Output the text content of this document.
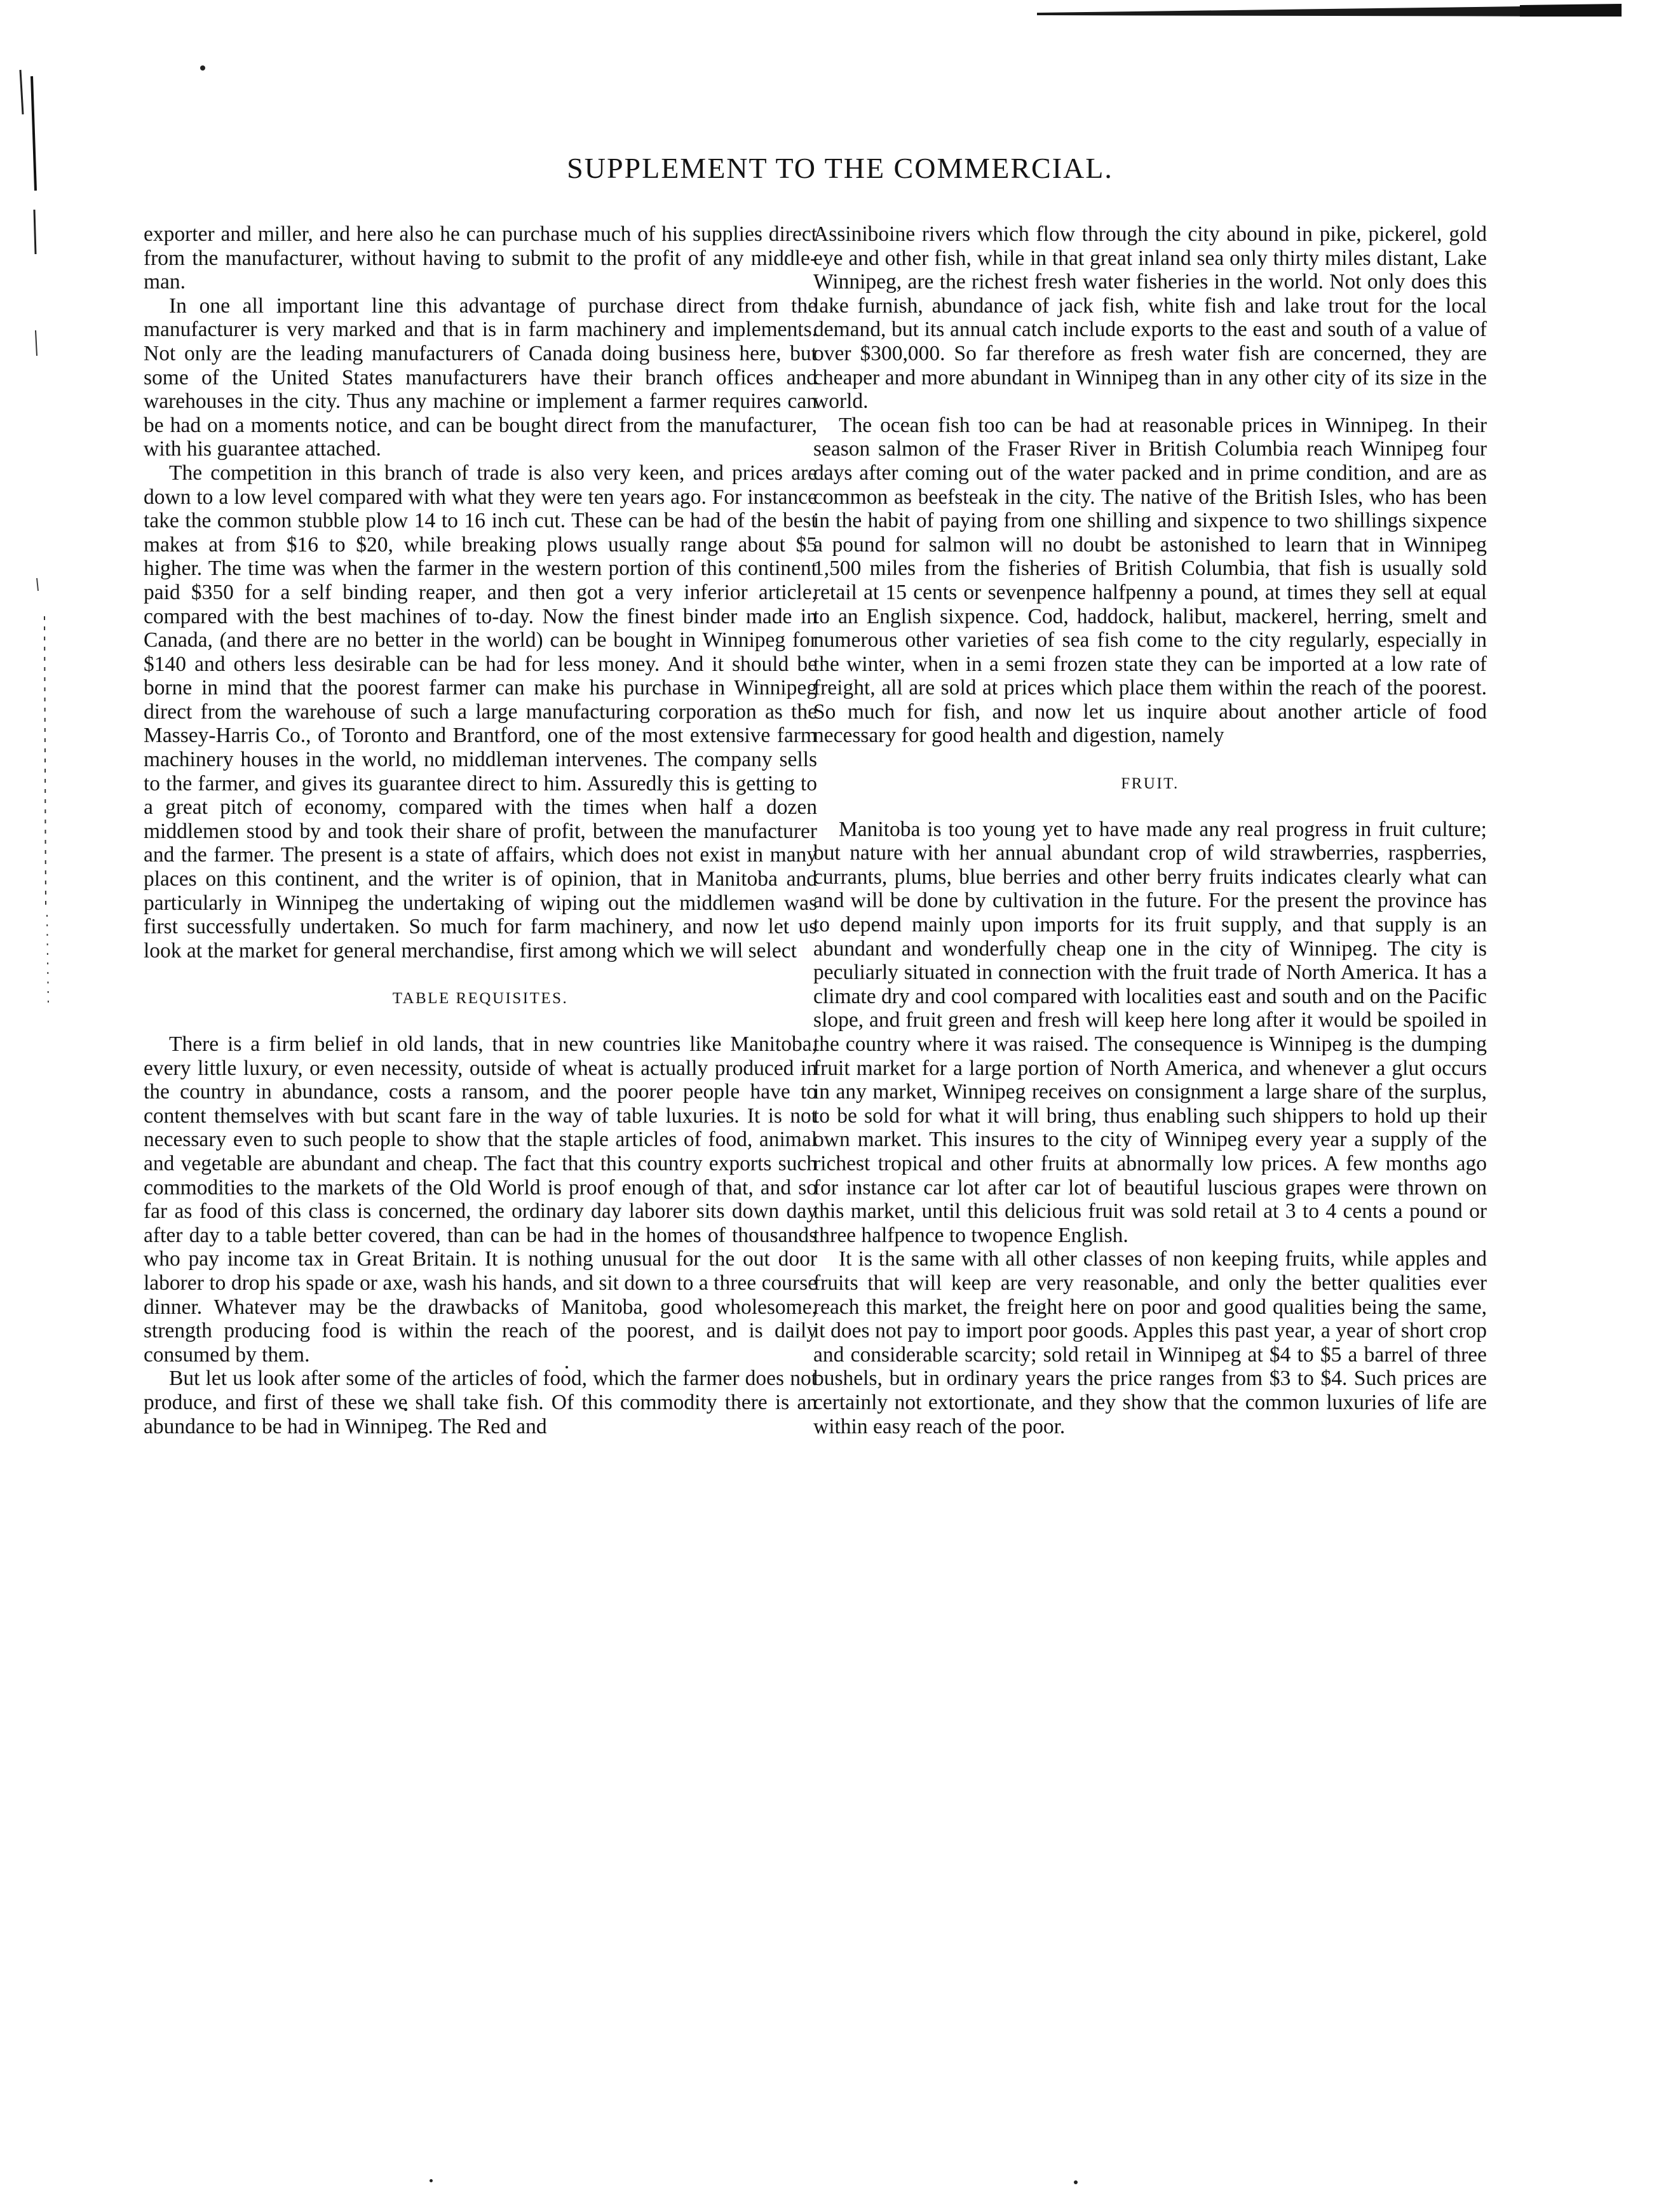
SUPPLEMENT TO THE COMMERCIAL.

exporter and miller, and here also he can purchase much of his supplies direct from the manufacturer, without having to submit to the profit of any middle-man.

In one all important line this advantage of purchase direct from the manufacturer is very marked and that is in farm machinery and implements. Not only are the leading manufacturers of Canada doing business here, but some of the United States manufacturers have their branch offices and warehouses in the city. Thus any machine or implement a farmer requires can be had on a moments notice, and can be bought direct from the manufacturer, with his guarantee attached.

The competition in this branch of trade is also very keen, and prices are down to a low level compared with what they were ten years ago. For instance take the common stubble plow 14 to 16 inch cut. These can be had of the best makes at from $16 to $20, while breaking plows usually range about $5 higher. The time was when the farmer in the western portion of this continent paid $350 for a self binding reaper, and then got a very inferior article, compared with the best machines of to-day. Now the finest binder made in Canada, (and there are no better in the world) can be bought in Winnipeg for $140 and others less desirable can be had for less money. And it should be borne in mind that the poorest farmer can make his purchase in Winnipeg direct from the warehouse of such a large manufacturing corporation as the Massey-Harris Co., of Toronto and Brantford, one of the most extensive farm machinery houses in the world, no middleman intervenes. The company sells to the farmer, and gives its guarantee direct to him. Assuredly this is getting to a great pitch of economy, compared with the times when half a dozen middlemen stood by and took their share of profit, between the manufacturer and the farmer. The present is a state of affairs, which does not exist in many places on this continent, and the writer is of opinion, that in Manitoba and particularly in Winnipeg the undertaking of wiping out the middlemen was first successfully undertaken. So much for farm machinery, and now let us look at the market for general merchandise, first among which we will select

TABLE REQUISITES.

There is a firm belief in old lands, that in new countries like Manitoba, every little luxury, or even necessity, outside of wheat is actually produced in the country in abundance, costs a ransom, and the poorer people have to content themselves with but scant fare in the way of table luxuries. It is not necessary even to such people to show that the staple articles of food, animal and vegetable are abundant and cheap. The fact that this country exports such commodities to the markets of the Old World is proof enough of that, and so far as food of this class is concerned, the ordinary day laborer sits down day after day to a table better covered, than can be had in the homes of thousands who pay income tax in Great Britain. It is nothing unusual for the out door laborer to drop his spade or axe, wash his hands, and sit down to a three course dinner. Whatever may be the drawbacks of Manitoba, good wholesome, strength producing food is within the reach of the poorest, and is daily consumed by them.

But let us look after some of the articles of food, which the farmer does not produce, and first of these we shall take fish. Of this commodity there is an abundance to be had in Winnipeg. The Red and

Assiniboine rivers which flow through the city abound in pike, pickerel, gold eye and other fish, while in that great inland sea only thirty miles distant, Lake Winnipeg, are the richest fresh water fisheries in the world. Not only does this lake furnish, abundance of jack fish, white fish and lake trout for the local demand, but its annual catch include exports to the east and south of a value of over $300,000. So far therefore as fresh water fish are concerned, they are cheaper and more abundant in Winnipeg than in any other city of its size in the world.

The ocean fish too can be had at reasonable prices in Winnipeg. In their season salmon of the Fraser River in British Columbia reach Winnipeg four days after coming out of the water packed and in prime condition, and are as common as beefsteak in the city. The native of the British Isles, who has been in the habit of paying from one shilling and sixpence to two shillings sixpence a pound for salmon will no doubt be astonished to learn that in Winnipeg 1,500 miles from the fisheries of British Columbia, that fish is usually sold retail at 15 cents or sevenpence halfpenny a pound, at times they sell at equal to an English sixpence. Cod, haddock, halibut, mackerel, herring, smelt and numerous other varieties of sea fish come to the city regularly, especially in the winter, when in a semi frozen state they can be imported at a low rate of freight, all are sold at prices which place them within the reach of the poorest. So much for fish, and now let us inquire about another article of food necessary for good health and digestion, namely

FRUIT.

Manitoba is too young yet to have made any real progress in fruit culture; but nature with her annual abundant crop of wild strawberries, raspberries, currants, plums, blue berries and other berry fruits indicates clearly what can and will be done by cultivation in the future. For the present the province has to depend mainly upon imports for its fruit supply, and that supply is an abundant and wonderfully cheap one in the city of Winnipeg. The city is peculiarly situated in connection with the fruit trade of North America. It has a climate dry and cool compared with localities east and south and on the Pacific slope, and fruit green and fresh will keep here long after it would be spoiled in the country where it was raised. The consequence is Winnipeg is the dumping fruit market for a large portion of North America, and whenever a glut occurs in any market, Winnipeg receives on consignment a large share of the surplus, to be sold for what it will bring, thus enabling such shippers to hold up their own market. This insures to the city of Winnipeg every year a supply of the richest tropical and other fruits at abnormally low prices. A few months ago for instance car lot after car lot of beautiful luscious grapes were thrown on this market, until this delicious fruit was sold retail at 3 to 4 cents a pound or three halfpence to twopence English.

It is the same with all other classes of non keeping fruits, while apples and fruits that will keep are very reasonable, and only the better qualities ever reach this market, the freight here on poor and good qualities being the same, it does not pay to import poor goods. Apples this past year, a year of short crop and considerable scarcity; sold retail in Winnipeg at $4 to $5 a barrel of three bushels, but in ordinary years the price ranges from $3 to $4. Such prices are certainly not extortionate, and they show that the common luxuries of life are within easy reach of the poor.
